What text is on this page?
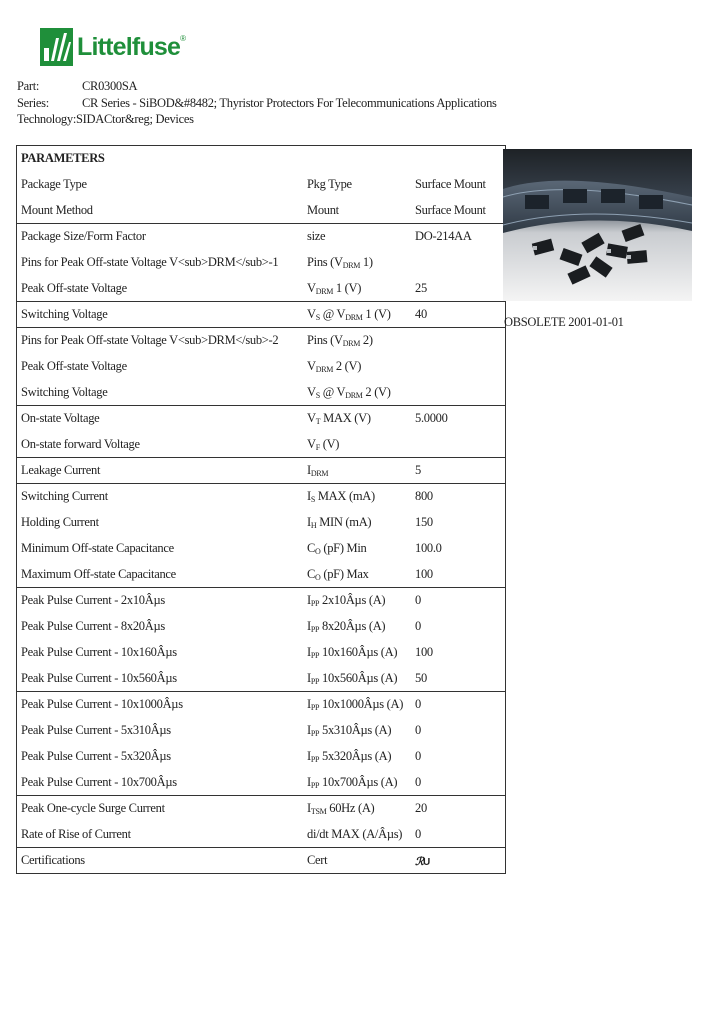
Littelfuse®
Part:	CR0300SA
Series:	CR Series - SiBOD&#8482; Thyristor Protectors For Telecommunications Applications
Technology:SIDACtor&reg; Devices
PARAMETERS		
Package Type	Pkg Type	Surface Mount
Mount Method	Mount	Surface Mount
Package Size/Form Factor	size	DO-214AA
Pins for Peak Off-state Voltage V<sub>DRM</sub>-1	Pins ($V_{DRM}$ 1)	
Peak Off-state Voltage	$V_{DRM}$ 1 (V)	25
Switching Voltage	$V_S$ @ $V_{DRM}$ 1 (V)	40
Pins for Peak Off-state Voltage V<sub>DRM</sub>-2	Pins ($V_{DRM}$ 2)	
Peak Off-state Voltage	$V_{DRM}$ 2 (V)	
Switching Voltage	$V_S$ @ $V_{DRM}$ 2 (V)	
On-state Voltage	$V_T$ MAX (V)	5.0000
On-state forward Voltage	$V_F$ (V)	
Leakage Current	$I_{DRM}$	5
Switching Current	$I_S$ MAX (mA)	800
Holding Current	$I_H$ MIN (mA)	150
Minimum Off-state Capacitance	$C_O$ (pF) Min	100.0
Maximum Off-state Capacitance	$C_O$ (pF) Max	100
Peak Pulse Current - 2x10Âµs	$I_{PP}$ 2x10Âµs (A)	0
Peak Pulse Current - 8x20Âµs	$I_{PP}$ 8x20Âµs (A)	0
Peak Pulse Current - 10x160Âµs	$I_{PP}$ 10x160Âµs (A)	100
Peak Pulse Current - 10x560Âµs	$I_{PP}$ 10x560Âµs (A)	50
Peak Pulse Current - 10x1000Âµs	$I_{PP}$ 10x1000Âµs (A)	0
Peak Pulse Current - 5x310Âµs	$I_{PP}$ 5x310Âµs (A)	0
Peak Pulse Current - 5x320Âµs	$I_{PP}$ 5x320Âµs (A)	0
Peak Pulse Current - 10x700Âµs	$I_{PP}$ 10x700Âµs (A)	0
Peak One-cycle Surge Current	$I_{TSM}$ 60Hz (A)	20
Rate of Rise of Current	di/dt MAX (A/Âµs)	0
Certifications	Cert	ℛ U
OBSOLETE 2001-01-01
